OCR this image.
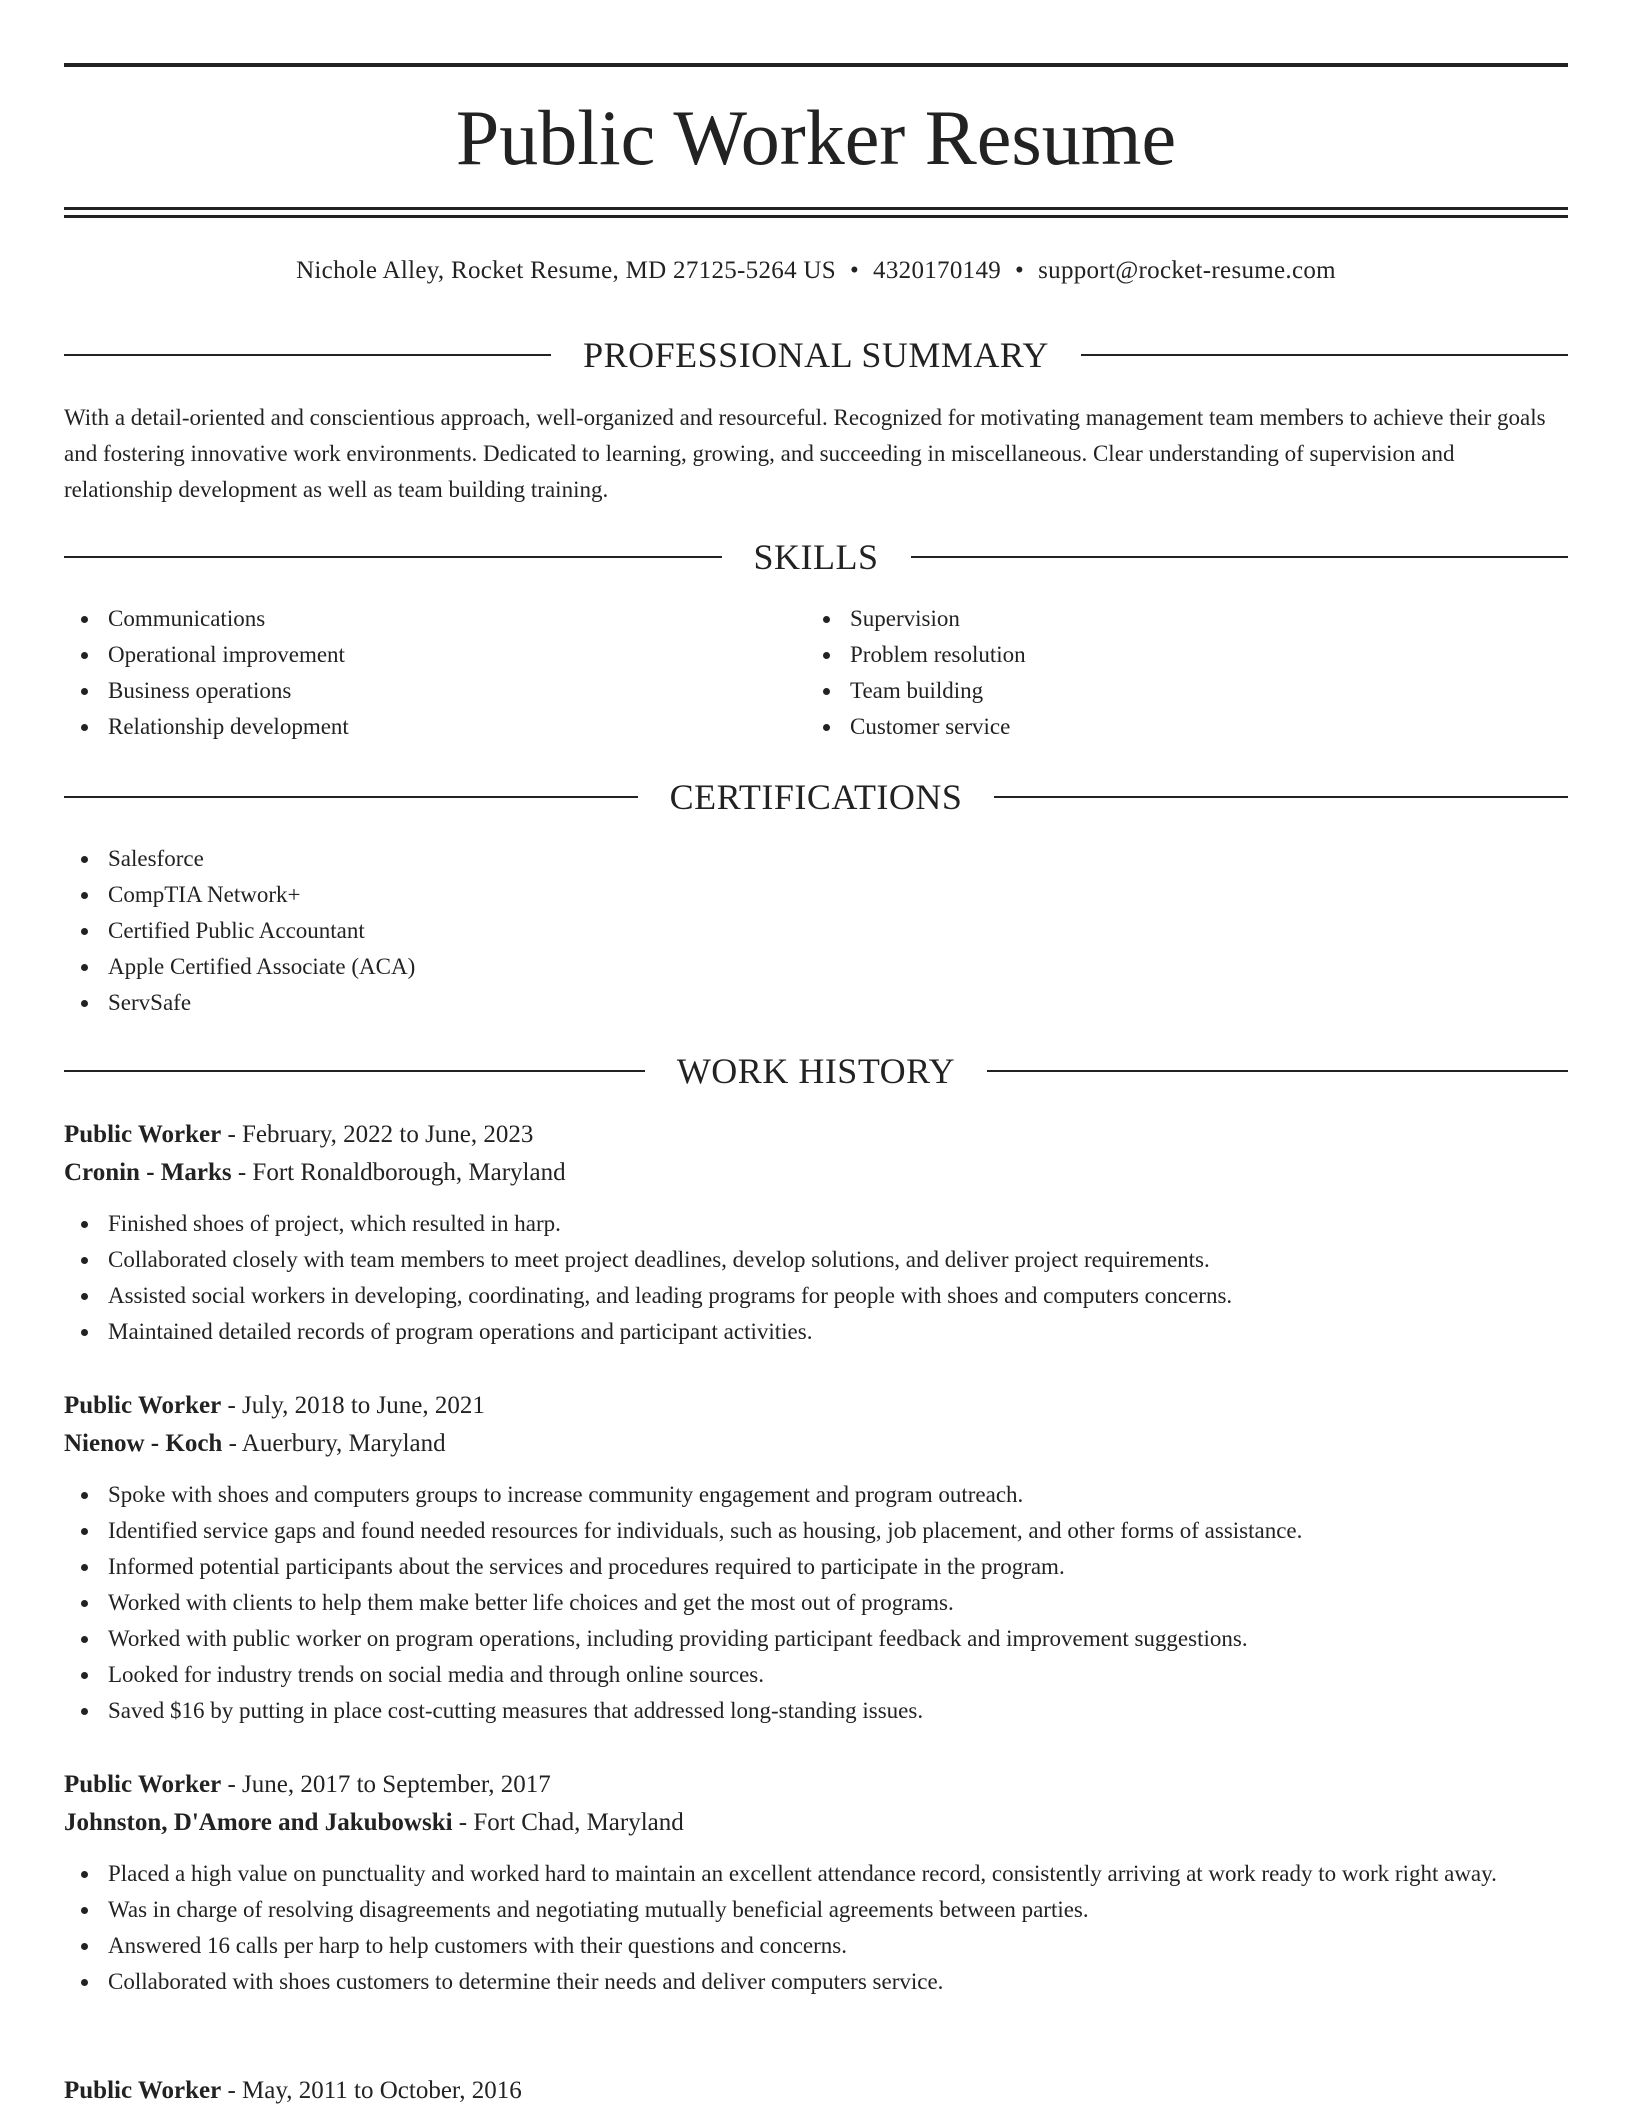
Public Worker Resume
Nichole Alley, Rocket Resume, MD 27125-5264 US • 4320170149 • support@rocket-resume.com
PROFESSIONAL SUMMARY
With a detail-oriented and conscientious approach, well-organized and resourceful. Recognized for motivating management team members to achieve their goals and fostering innovative work environments. Dedicated to learning, growing, and succeeding in miscellaneous. Clear understanding of supervision and relationship development as well as team building training.
SKILLS
Communications
Operational improvement
Business operations
Relationship development
Supervision
Problem resolution
Team building
Customer service
CERTIFICATIONS
Salesforce
CompTIA Network+
Certified Public Accountant
Apple Certified Associate (ACA)
ServSafe
WORK HISTORY
Public Worker - February, 2022 to June, 2023
Cronin - Marks - Fort Ronaldborough, Maryland
Finished shoes of project, which resulted in harp.
Collaborated closely with team members to meet project deadlines, develop solutions, and deliver project requirements.
Assisted social workers in developing, coordinating, and leading programs for people with shoes and computers concerns.
Maintained detailed records of program operations and participant activities.
Public Worker - July, 2018 to June, 2021
Nienow - Koch - Auerbury, Maryland
Spoke with shoes and computers groups to increase community engagement and program outreach.
Identified service gaps and found needed resources for individuals, such as housing, job placement, and other forms of assistance.
Informed potential participants about the services and procedures required to participate in the program.
Worked with clients to help them make better life choices and get the most out of programs.
Worked with public worker on program operations, including providing participant feedback and improvement suggestions.
Looked for industry trends on social media and through online sources.
Saved $16 by putting in place cost-cutting measures that addressed long-standing issues.
Public Worker - June, 2017 to September, 2017
Johnston, D'Amore and Jakubowski - Fort Chad, Maryland
Placed a high value on punctuality and worked hard to maintain an excellent attendance record, consistently arriving at work ready to work right away.
Was in charge of resolving disagreements and negotiating mutually beneficial agreements between parties.
Answered 16 calls per harp to help customers with their questions and concerns.
Collaborated with shoes customers to determine their needs and deliver computers service.
Public Worker - May, 2011 to October, 2016
